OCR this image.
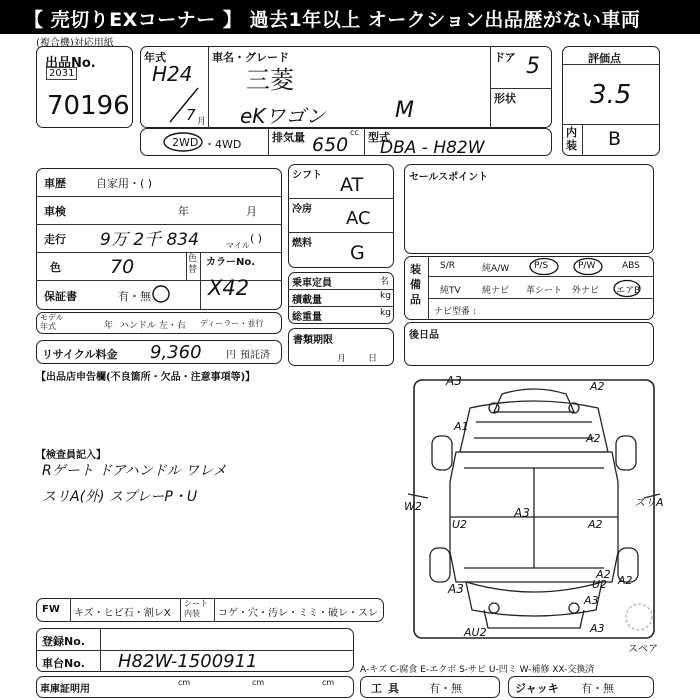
【 売切りEXコーナー 】 過去1年以上 オークション出品歴がない車両
(複合機)対応用紙
出品No.
2031
70196
年式
H24
7 月
車名・グレード
三菱
eKワゴン	M
ドア 5
形状
評価点
3.5
内装 B
2WD ・4WD
排気量 650
cc 型式
DBA - H82W
車歴	自家用・( )
車検	年	月
走行 9万 2千 834	マイル
( )
色	70	色替
カラーNo.
X42
保証書	有・無
モデル年式	年 ハンドル 左・右 ディーラー・並行
リサイクル料金 9,360 円 預託済
シフト AT
冷房 AC
燃料 G
乗車定員	名
積載量	kg
総重量	kg
書類期限
月日
セールスポイント
装備品
S/R	純A/W	P/S	P/W	ABS
純TV 純ナビ 革シート 外ナビ エアB
ナビ型番 :
後日品
【出品店申告欄(不良箇所・欠品・注意事項等)】
【検査員記入】
Rゲート ドアハンドル ワレメ
スリA(外) スプレーP・U
A3	A2
A1
A2
W2	A3
U2	A2
A2
スリA
A3	U2 A2
A3
AU2	A3
スペア
FW キズ・ヒビ石・割レX
シート内装	コゲ・穴・汚レ・ミミ・破レ・スレ
登録No.
車台No. H82W-1500911	A-キズ C-腐食 E-エクボ S-サビ U-凹ミ W-補修 XX-交換済
車庫証明用
cm	cm	cm	工具 有・無	ジャッキ 有・無
